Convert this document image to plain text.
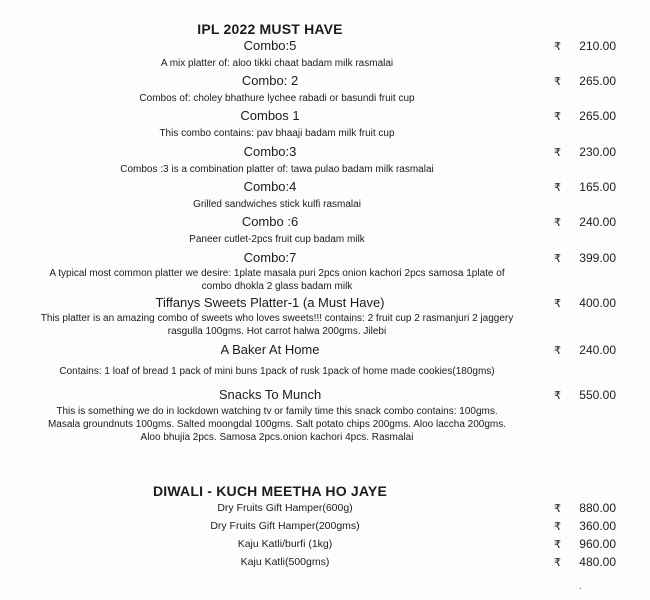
IPL 2022 MUST HAVE
Combo:5	₹ 210.00
A mix platter of: aloo tikki chaat badam milk rasmalai
Combo: 2	₹ 265.00
Combos of: choley bhathure lychee rabadi or basundi fruit cup
Combos 1	₹ 265.00
This combo contains: pav bhaaji badam milk fruit cup
Combo:3	₹ 230.00
Combos :3 is a combination platter of: tawa pulao badam milk rasmalai
Combo:4	₹ 165.00
Grilled sandwiches stick kulfi rasmalai
Combo :6	₹ 240.00
Paneer cutlet-2pcs fruit cup badam milk
Combo:7	₹ 399.00
A typical most common platter we desire: 1plate masala puri 2pcs onion kachori 2pcs samosa 1plate of
combo dhokla 2 glass badam milk
Tiffanys Sweets Platter-1 (a Must Have)	₹ 400.00
This platter is an amazing combo of sweets who loves sweets!!! contains: 2 fruit cup 2 rasmanjuri 2 jaggery
rasgulla 100gms. Hot carrot halwa 200gms. Jilebi
A Baker At Home	₹ 240.00
Contains: 1 loaf of bread 1 pack of mini buns 1pack of rusk 1pack of home made cookies(180gms)
Snacks To Munch	₹ 550.00
This is something we do in lockdown watching tv or family time this snack combo contains: 100gms.
Masala groundnuts 100gms. Salted moongdal 100gms. Salt potato chips 200gms. Aloo laccha 200gms.
Aloo bhujia 2pcs. Samosa 2pcs.onion kachori 4pcs. Rasmalai
DIWALI - KUCH MEETHA HO JAYE
Dry Fruits Gift Hamper(600g)	₹ 880.00
Dry Fruits Gift Hamper(200gms)	₹ 360.00
Kaju Katli/burfi (1kg)	₹ 960.00
Kaju Katli(500gms)	₹ 480.00
.
